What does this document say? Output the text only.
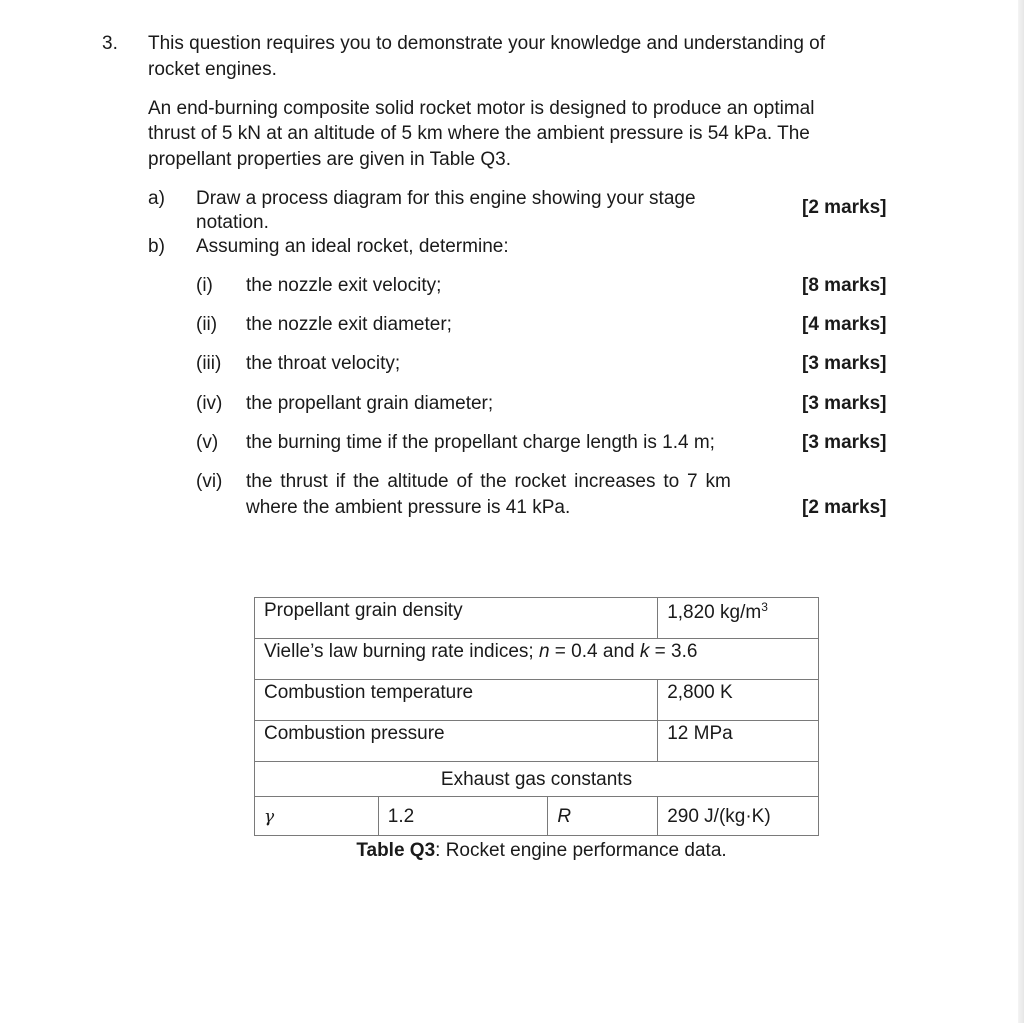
3. This question requires you to demonstrate your knowledge and understanding of
rocket engines.
An end-burning composite solid rocket motor is designed to produce an optimal
thrust of 5 kN at an altitude of 5 km where the ambient pressure is 54 kPa. The
propellant properties are given in Table Q3.
a) Draw a process diagram for this engine showing your stage
notation.
[2 marks]
b) Assuming an ideal rocket, determine:
(i) the nozzle exit velocity;	[8 marks]
(ii) the nozzle exit diameter;	[4 marks]
(iii) the throat velocity;	[3 marks]
(iv) the propellant grain diameter;	[3 marks]
(v) the burning time if the propellant charge length is 1.4 m;	[3 marks]
(vi) the thrust if the altitude of the rocket increases to 7 km
where the ambient pressure is 41 kPa.	[2 marks]
Propellant grain density			1,820 $kg/m^3$
Vielle’s law burning rate indices; n = 0.4 and k = 3.6			
Combustion temperature			2,800 K
Combustion pressure			12 MPa
Exhaust gas constants			
γ	1.2	R	290 J/(kg·K)
Table Q3: Rocket engine performance data.
